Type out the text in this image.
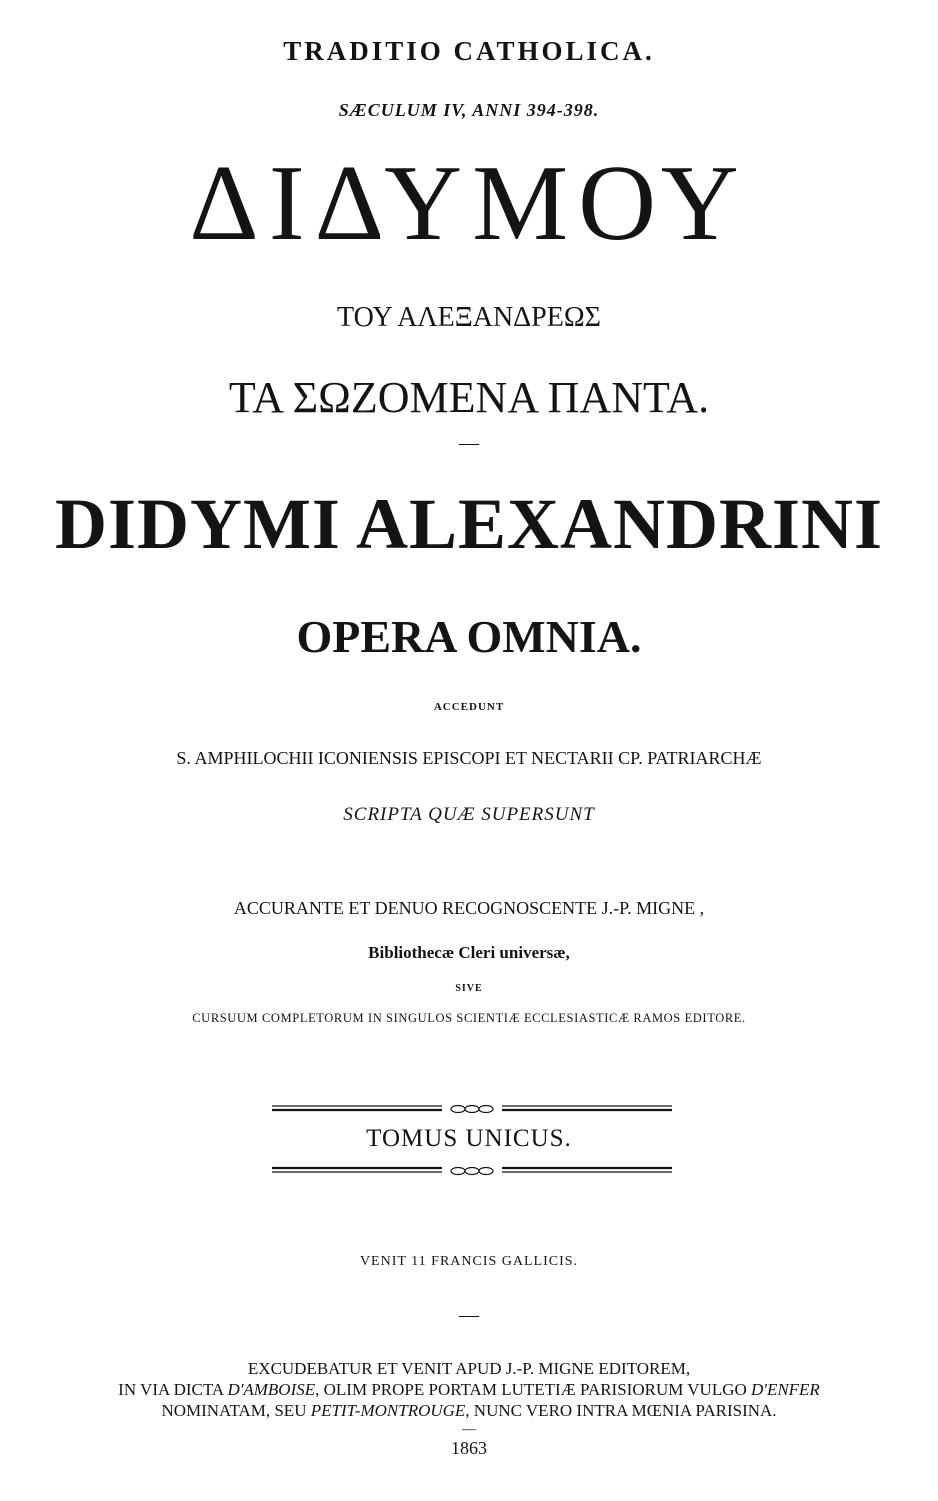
TRADITIO CATHOLICA.
SÆCULUM IV, ANNI 394-398.
ΔΙΔΥΜΟΥ
ΤΟΥ ΑΛΕΞΑΝΔΡΕΩΣ
ΤΑ ΣΩΖΟΜΕΝΑ ΠΑΝΤΑ.
—
DIDYMI ALEXANDRINI
OPERA OMNIA.
ACCEDUNT
S. AMPHILOCHII ICONIENSIS EPISCOPI ET NECTARII CP. PATRIARCHÆ
SCRIPTA QUÆ SUPERSUNT
ACCURANTE ET DENUO RECOGNOSCENTE J.-P. MIGNE ,
Bibliothecæ Cleri universæ,
SIVE
CURSUUM COMPLETORUM IN SINGULOS SCIENTIÆ ECCLESIASTICÆ RAMOS EDITORE.
TOMUS UNICUS.
VENIT 11 FRANCIS GALLICIS.
—
EXCUDEBATUR ET VENIT APUD J.-P. MIGNE EDITOREM,
IN VIA DICTA D'AMBOISE, OLIM PROPE PORTAM LUTETIÆ PARISIORUM VULGO D'ENFER
NOMINATAM, SEU PETIT-MONTROUGE, NUNC VERO INTRA MŒNIA PARISINA.
—
1863
